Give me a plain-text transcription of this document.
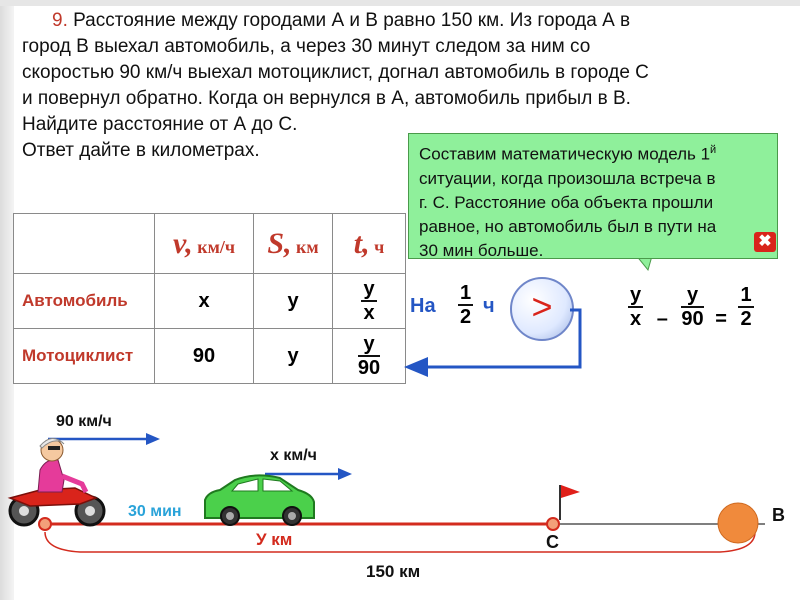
9. Расстояние между городами А и В равно 150 км. Из города А в
город В выехал автомобиль, а через 30 минут следом за ним со
скоростью 90 км/ч выехал мотоциклист, догнал автомобиль в городе С
и повернул обратно. Когда он вернулся в А, автомобиль прибыл в В.
Найдите расстояние от А до С.
Ответ дайте в километрах.	Составим математическую модель $1^й$
ситуации, когда произошла встреча в
г. С. Расстояние оба объекта прошли
равное, но автомобиль был в пути на
30 мин больше.	✖
	v, км/ч	S, км	t, ч
Автомобиль	x	у	$\frac{у}{x}$

Мотоциклист	90	у	$\frac{у}{90}$
На $\frac{1}{2}$ ч	>	$\frac{у}{x} - \frac{у}{90} = \frac{1}{2}$
90 км/ч
x км/ч
30 мин
У км	С
В
150 км
